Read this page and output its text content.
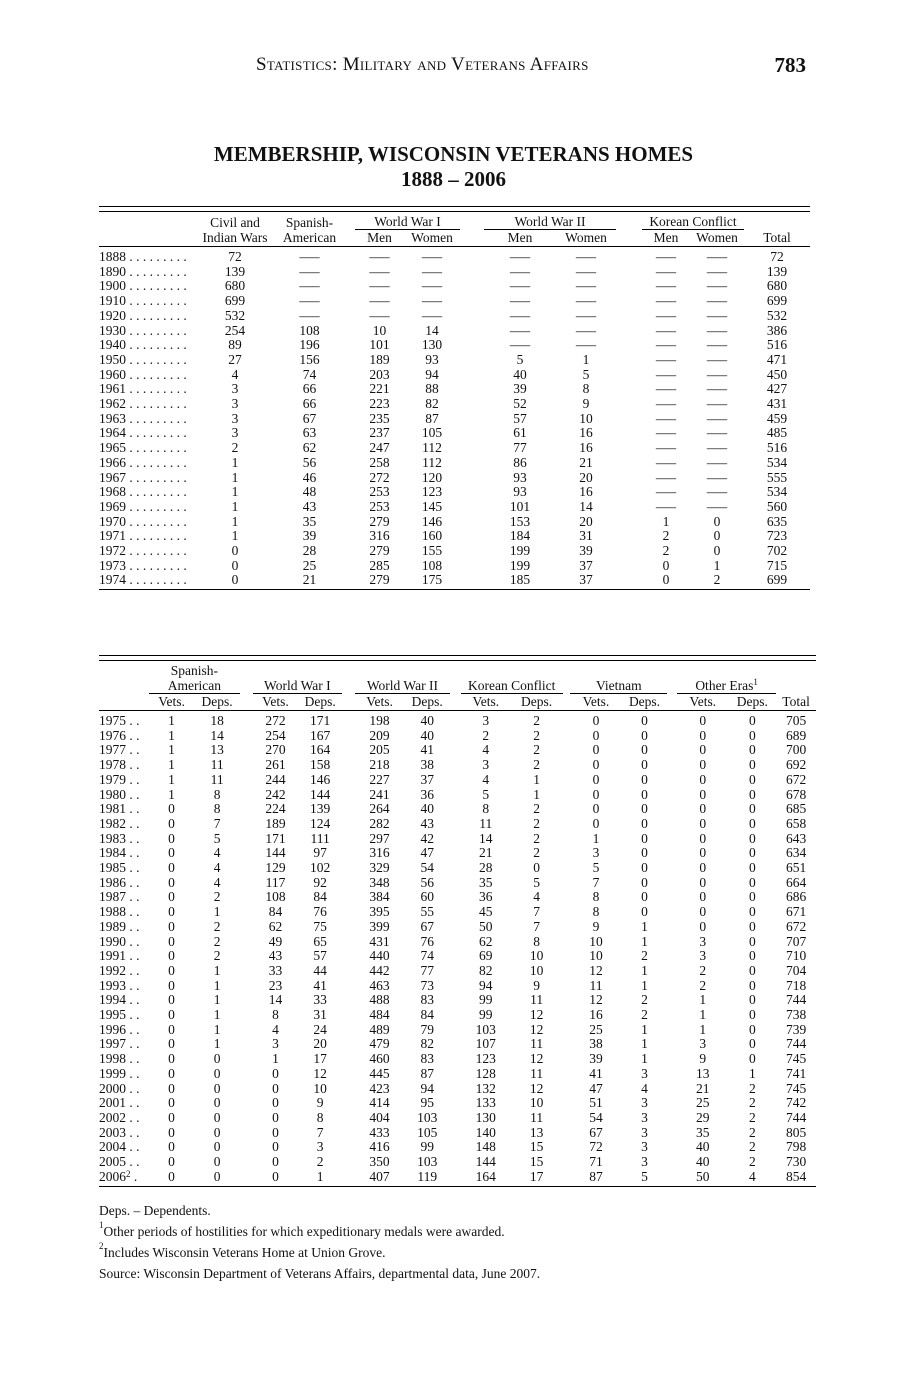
Statistics: Military and Veterans Affairs	783
MEMBERSHIP, WISCONSIN VETERANS HOMES
1888 – 2006

	Civil and	Spanish-		World War I			World War II			Korean Conflict		
	Indian Wars	American		Men	Women		Men	Women		Men	Women	Total
1888 . . . . . . . . .	72	–––		–––	–––		–––	–––		–––	–––	72
1890 . . . . . . . . .	139	–––		–––	–––		–––	–––		–––	–––	139
1900 . . . . . . . . .	680	–––		–––	–––		–––	–––		–––	–––	680
1910 . . . . . . . . .	699	–––		–––	–––		–––	–––		–––	–––	699
1920 . . . . . . . . .	532	–––		–––	–––		–––	–––		–––	–––	532
1930 . . . . . . . . .	254	108		10	14		–––	–––		–––	–––	386
1940 . . . . . . . . .	89	196		101	130		–––	–––		–––	–––	516
1950 . . . . . . . . .	27	156		189	93		5	1		–––	–––	471
1960 . . . . . . . . .	4	74		203	94		40	5		–––	–––	450
1961 . . . . . . . . .	3	66		221	88		39	8		–––	–––	427
1962 . . . . . . . . .	3	66		223	82		52	9		–––	–––	431
1963 . . . . . . . . .	3	67		235	87		57	10		–––	–––	459
1964 . . . . . . . . .	3	63		237	105		61	16		–––	–––	485
1965 . . . . . . . . .	2	62		247	112		77	16		–––	–––	516
1966 . . . . . . . . .	1	56		258	112		86	21		–––	–––	534
1967 . . . . . . . . .	1	46		272	120		93	20		–––	–––	555
1968 . . . . . . . . .	1	48		253	123		93	16		–––	–––	534
1969 . . . . . . . . .	1	43		253	145		101	14		–––	–––	560
1970 . . . . . . . . .	1	35		279	146		153	20		1	0	635
1971 . . . . . . . . .	1	39		316	160		184	31		2	0	723
1972 . . . . . . . . .	0	28		279	155		199	39		2	0	702
1973 . . . . . . . . .	0	25		285	108		199	37		0	1	715
1974 . . . . . . . . .	0	21		279	175		185	37		0	2	699

	Spanish-																	
	American			World War I			World War II			Korean Conflict			Vietnam			Other Eras$^1$	
	Vets.	Deps.		Vets.	Deps.		Vets.	Deps.		Vets.	Deps.		Vets.	Deps.		Vets.	Deps.	Total
1975 . .	1	18		272	171		198	40		3	2		0	0		0	0	705
1976 . .	1	14		254	167		209	40		2	2		0	0		0	0	689
1977 . .	1	13		270	164		205	41		4	2		0	0		0	0	700
1978 . .	1	11		261	158		218	38		3	2		0	0		0	0	692
1979 . .	1	11		244	146		227	37		4	1		0	0		0	0	672
1980 . .	1	8		242	144		241	36		5	1		0	0		0	0	678
1981 . .	0	8		224	139		264	40		8	2		0	0		0	0	685
1982 . .	0	7		189	124		282	43		11	2		0	0		0	0	658
1983 . .	0	5		171	111		297	42		14	2		1	0		0	0	643
1984 . .	0	4		144	97		316	47		21	2		3	0		0	0	634
1985 . .	0	4		129	102		329	54		28	0		5	0		0	0	651
1986 . .	0	4		117	92		348	56		35	5		7	0		0	0	664
1987 . .	0	2		108	84		384	60		36	4		8	0		0	0	686
1988 . .	0	1		84	76		395	55		45	7		8	0		0	0	671
1989 . .	0	2		62	75		399	67		50	7		9	1		0	0	672
1990 . .	0	2		49	65		431	76		62	8		10	1		3	0	707
1991 . .	0	2		43	57		440	74		69	10		10	2		3	0	710
1992 . .	0	1		33	44		442	77		82	10		12	1		2	0	704
1993 . .	0	1		23	41		463	73		94	9		11	1		2	0	718
1994 . .	0	1		14	33		488	83		99	11		12	2		1	0	744
1995 . .	0	1		8	31		484	84		99	12		16	2		1	0	738
1996 . .	0	1		4	24		489	79		103	12		25	1		1	0	739
1997 . .	0	1		3	20		479	82		107	11		38	1		3	0	744
1998 . .	0	0		1	17		460	83		123	12		39	1		9	0	745
1999 . .	0	0		0	12		445	87		128	11		41	3		13	1	741
2000 . .	0	0		0	10		423	94		132	12		47	4		21	2	745
2001 . .	0	0		0	9		414	95		133	10		51	3		25	2	742
2002 . .	0	0		0	8		404	103		130	11		54	3		29	2	744
2003 . .	0	0		0	7		433	105		140	13		67	3		35	2	805
2004 . .	0	0		0	3		416	99		148	15		72	3		40	2	798
2005 . .	0	0		0	2		350	103		144	15		71	3		40	2	730
2006$^2$ .	0	0		0	1		407	119		164	17		87	5		50	4	854

Deps. – Dependents.
$^1$Other periods of hostilities for which expeditionary medals were awarded.
$^2$Includes Wisconsin Veterans Home at Union Grove.
Source: Wisconsin Department of Veterans Affairs, departmental data, June 2007.
